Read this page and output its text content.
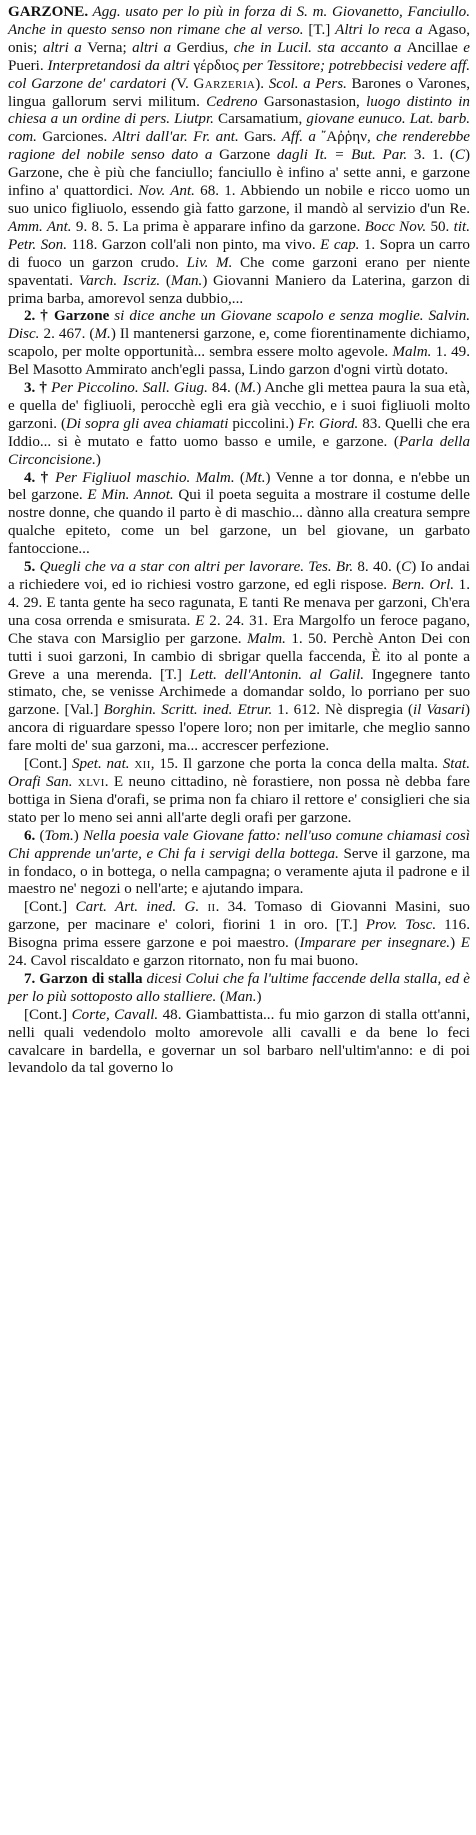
GARZONE. Agg. usato per lo più in forza di S. m. Giovanetto, Fanciullo. Anche in questo senso non rimane che al verso. [T.] Altri lo reca a Agaso, onis; altri a Verna; altri a Gerdius, che in Lucil. sta accanto a Ancillae e Pueri. Interpretandosi da altri γέρδιος per Tessitore; potrebbecisi vedere aff. col Garzone de' cardatori (V. Garzeria). Scol. a Pers. Barones o Varones, lingua gallorum servi militum. Cedreno Garsonastasion, luogo distinto in chiesa a un ordine di pers. Liutpr. Carsamatium, giovane eunuco. Lat. barb. com. Garciones. Altri dall'ar. Fr. ant. Gars. Aff. a ῎Αῤῥην, che renderebbe ragione del nobile senso dato a Garzone dagli It. = But. Par. 3. 1. (C) Garzone, che è più che fanciullo; fanciullo è infino a' sette anni, e garzone infino a' quattordici. Nov. Ant. 68. 1. Abbiendo un nobile e ricco uomo un suo unico figliuolo, essendo già fatto garzone, il mandò al servizio d'un Re. Amm. Ant. 9. 8. 5. La prima è apparare infino da garzone. Bocc Nov. 50. tit. Petr. Son. 118. Garzon coll'ali non pinto, ma vivo. E cap. 1. Sopra un carro di fuoco un garzon crudo. Liv. M. Che come garzoni erano per niente spaventati. Varch. Iscriz. (Man.) Giovanni Maniero da Laterina, garzon di prima barba, amorevol senza dubbio,...

2. † Garzone si dice anche un Giovane scapolo e senza moglie. Salvin. Disc. 2. 467. (M.) Il mantenersi garzone, e, come fiorentinamente dichiamo, scapolo, per molte opportunità... sembra essere molto agevole. Malm. 1. 49. Bel Masotto Ammirato anch'egli passa, Lindo garzon d'ogni virtù dotato.

3. † Per Piccolino. Sall. Giug. 84. (M.) Anche gli mettea paura la sua età, e quella de' figliuoli, perocchè egli era già vecchio, e i suoi figliuoli molto garzoni. (Di sopra gli avea chiamati piccolini.) Fr. Giord. 83. Quelli che era Iddio... si è mutato e fatto uomo basso e umile, e garzone. (Parla della Circoncisione.)

4. † Per Figliuol maschio. Malm. (Mt.) Venne a tor donna, e n'ebbe un bel garzone. E Min. Annot. Qui il poeta seguita a mostrare il costume delle nostre donne, che quando il parto è di maschio... dànno alla creatura sempre qualche epiteto, come un bel garzone, un bel giovane, un garbato fantoccione...

5. Quegli che va a star con altri per lavorare. Tes. Br. 8. 40. (C) Io andai a richiedere voi, ed io richiesi vostro garzone, ed egli rispose. Bern. Orl. 1. 4. 29. E tanta gente ha seco ragunata, E tanti Re menava per garzoni, Ch'era una cosa orrenda e smisurata. E 2. 24. 31. Era Margolfo un feroce pagano, Che stava con Marsiglio per garzone. Malm. 1. 50. Perchè Anton Dei con tutti i suoi garzoni, In cambio di sbrigar quella faccenda, È ito al ponte a Greve a una merenda. [T.] Lett. dell'Antonin. al Galil. Ingegnere tanto stimato, che, se venisse Archimede a domandar soldo, lo porriano per suo garzone. [Val.] Borghin. Scritt. ined. Etrur. 1. 612. Nè dispregia (il Vasari) ancora di riguardare spesso l'opere loro; non per imitarle, che meglio sanno fare molti de' sua garzoni, ma... accrescer perfezione.

[Cont.] Spet. nat. xii, 15. Il garzone che porta la conca della malta. Stat. Orafi San. xlvi. E neuno cittadino, nè forastiere, non possa nè debba fare bottiga in Siena d'orafi, se prima non fa chiaro il rettore e' consiglieri che sia stato per lo meno sei anni all'arte degli orafi per garzone.

6. (Tom.) Nella poesia vale Giovane fatto: nell'uso comune chiamasi così Chi apprende un'arte, e Chi fa i servigi della bottega. Serve il garzone, ma in fondaco, o in bottega, o nella campagna; o veramente ajuta il padrone e il maestro ne' negozi o nell'arte; e ajutando impara.

[Cont.] Cart. Art. ined. G. ii. 34. Tomaso di Giovanni Masini, suo garzone, per macinare e' colori, fiorini 1 in oro. [T.] Prov. Tosc. 116. Bisogna prima essere garzone e poi maestro. (Imparare per insegnare.) E 24. Cavol riscaldato e garzon ritornato, non fu mai buono.

7. Garzon di stalla dicesi Colui che fa l'ultime faccende della stalla, ed è per lo più sottoposto allo stalliere. (Man.)

[Cont.] Corte, Cavall. 48. Giambattista... fu mio garzon di stalla ott'anni, nelli quali vedendolo molto amorevole alli cavalli e da bene lo feci cavalcare in bardella, e governar un sol barbaro nell'ultim'anno: e di poi levandolo da tal governo lo
